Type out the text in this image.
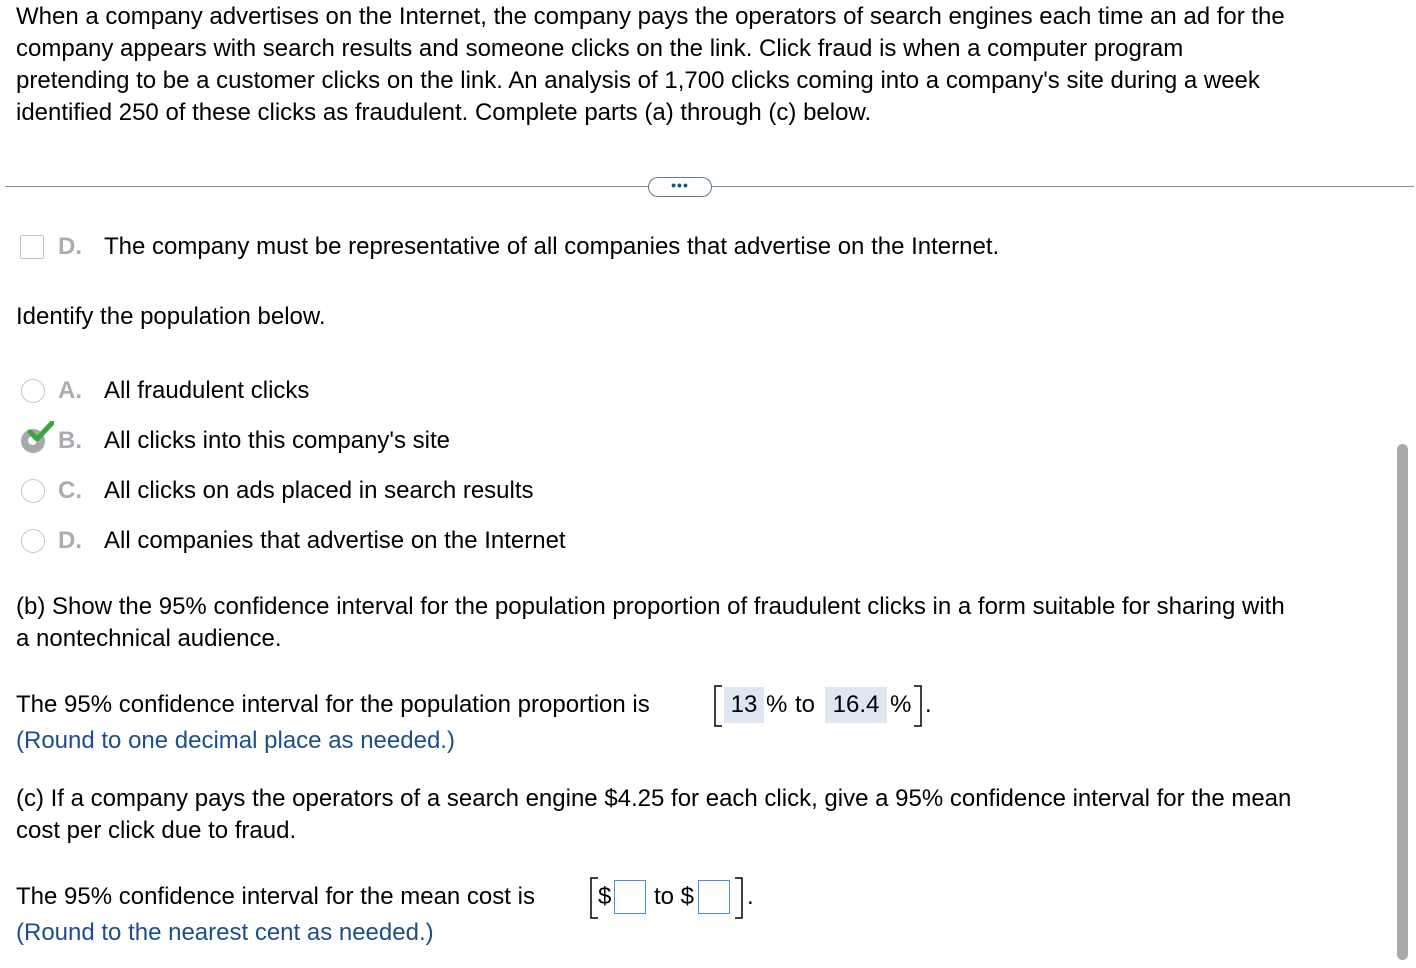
When a company advertises on the Internet, the company pays the operators of search engines each time an ad for the
company appears with search results and someone clicks on the link. Click fraud is when a computer program
pretending to be a customer clicks on the link. An analysis of 1,700 clicks coming into a company's site during a week
identified 250 of these clicks as fraudulent. Complete parts (a) through (c) below.
•••
D. The company must be representative of all companies that advertise on the Internet.
Identify the population below.
A. All fraudulent clicks
B. All clicks into this company's site
C. All clicks on ads placed in search results
D. All companies that advertise on the Internet
(b) Show the 95% confidence interval for the population proportion of fraudulent clicks in a form suitable for sharing with
a nontechnical audience.
The 95% confidence interval for the population proportion is	13 % to 16.4 % .
(Round to one decimal place as needed.)
(c) If a company pays the operators of a search engine $4.25 for each click, give a 95% confidence interval for the mean
cost per click due to fraud.
The 95% confidence interval for the mean cost is	$ to $ .
(Round to the nearest cent as needed.)
